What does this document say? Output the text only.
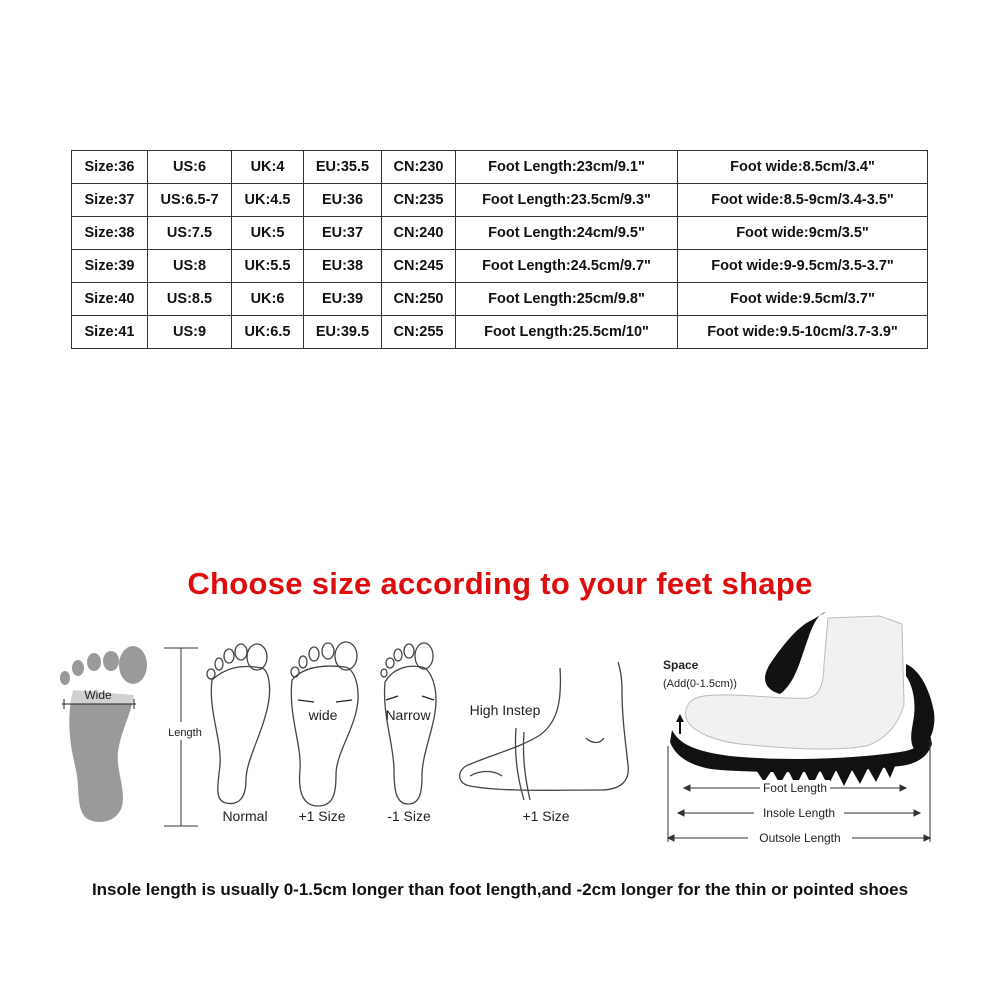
Size:36	US:6	UK:4	EU:35.5	CN:230	Foot Length:23cm/9.1"	Foot wide:8.5cm/3.4"
Size:37	US:6.5-7	UK:4.5	EU:36	CN:235	Foot Length:23.5cm/9.3"	Foot wide:8.5-9cm/3.4-3.5"
Size:38	US:7.5	UK:5	EU:37	CN:240	Foot Length:24cm/9.5"	Foot wide:9cm/3.5"
Size:39	US:8	UK:5.5	EU:38	CN:245	Foot Length:24.5cm/9.7"	Foot wide:9-9.5cm/3.5-3.7"
Size:40	US:8.5	UK:6	EU:39	CN:250	Foot Length:25cm/9.8"	Foot wide:9.5cm/3.7"
Size:41	US:9	UK:6.5	EU:39.5	CN:255	Foot Length:25.5cm/10"	Foot wide:9.5-10cm/3.7-3.9"
Choose size according to your feet shape
Wide
Length
Normal
wide
+1 Size
Narrow
-1 Size
High Instep
+1 Size
Space
(Add(0-1.5cm))
Foot Length
Insole Length
Outsole Length
Insole length is usually 0-1.5cm longer than foot length,and -2cm longer for the thin or pointed shoes
